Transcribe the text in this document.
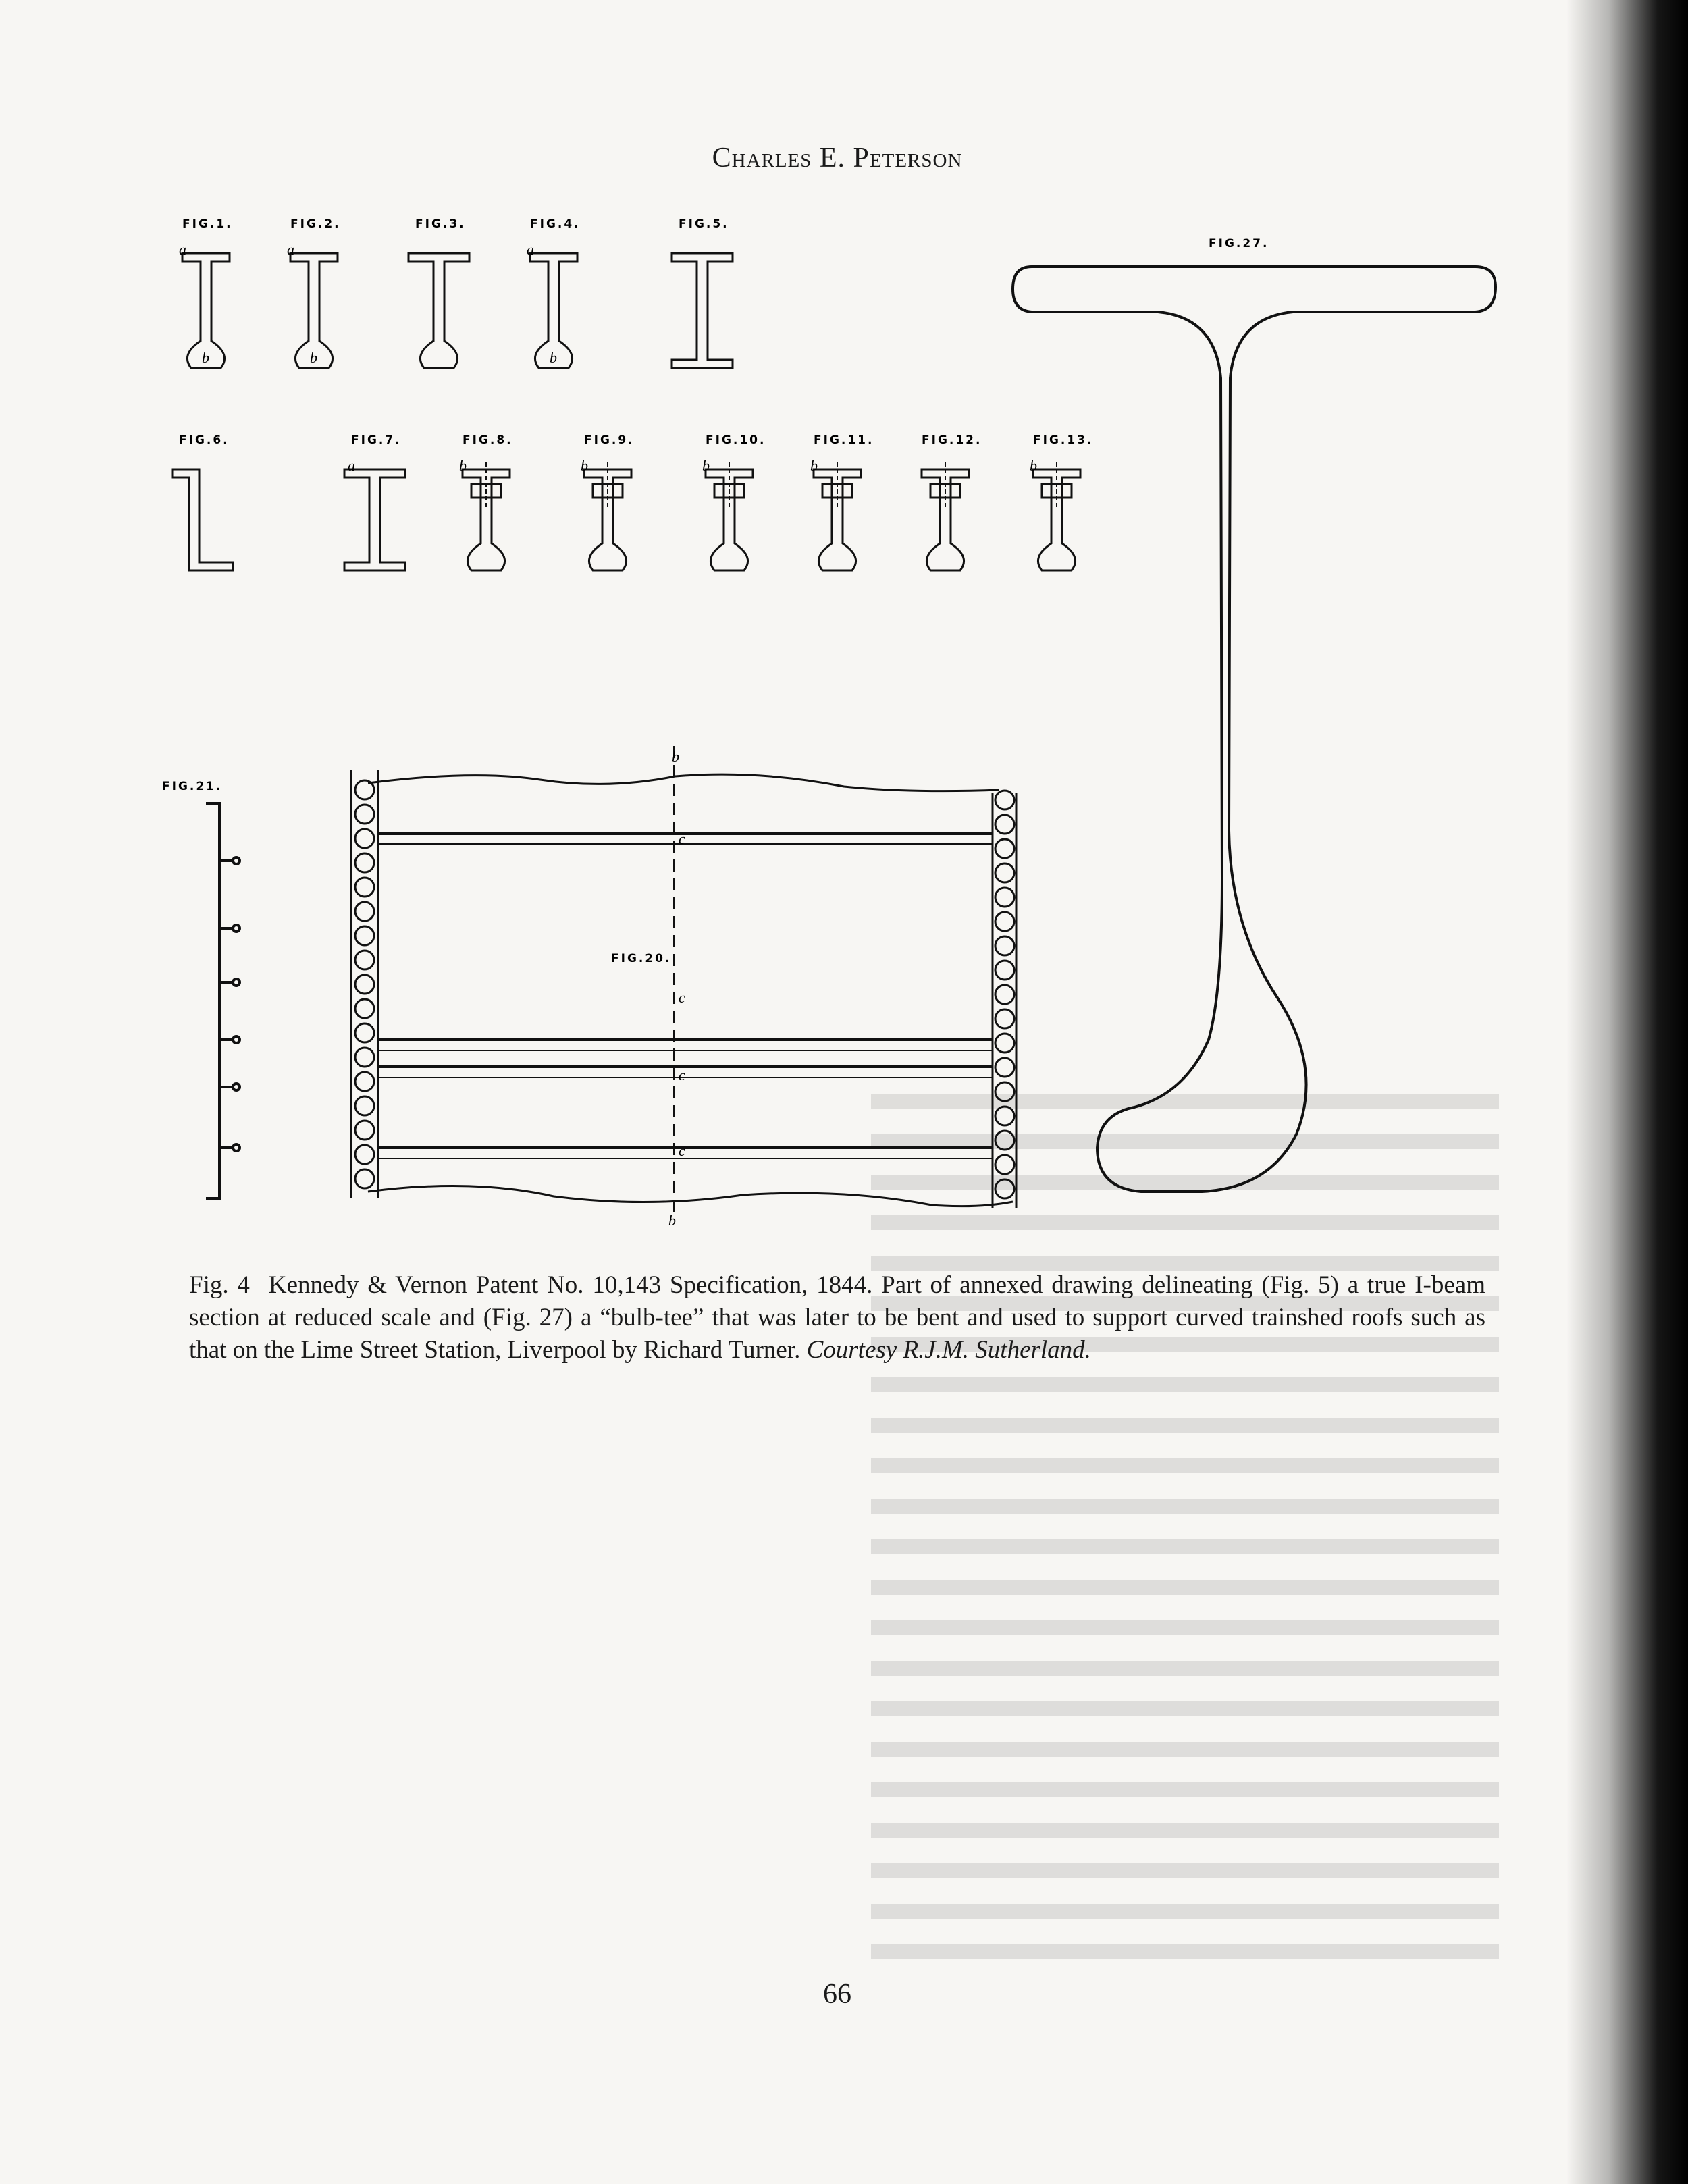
Charles E. Peterson
FIG.27.
b
c
c
c
c
b
FIG.20.
FIG.21.
FIG.1.
a
b
FIG.2.
a
b
FIG.3.	FIG.4.
a
b
FIG.5.
FIG.6.	FIG.7.
a
FIG.8.
b
FIG.9.
b
FIG.10.
b
FIG.11.
b
FIG.12.	FIG.13.
b
Fig. 4 Kennedy & Vernon Patent No. 10,143 Specification, 1844. Part of annexed drawing delineating (Fig. 5) a true I-beam section at reduced scale and (Fig. 27) a “bulb-tee” that was later to be bent and used to support curved trainshed roofs such as that on the Lime Street Station, Liverpool by Richard Turner. Courtesy R.J.M. Sutherland.
66
